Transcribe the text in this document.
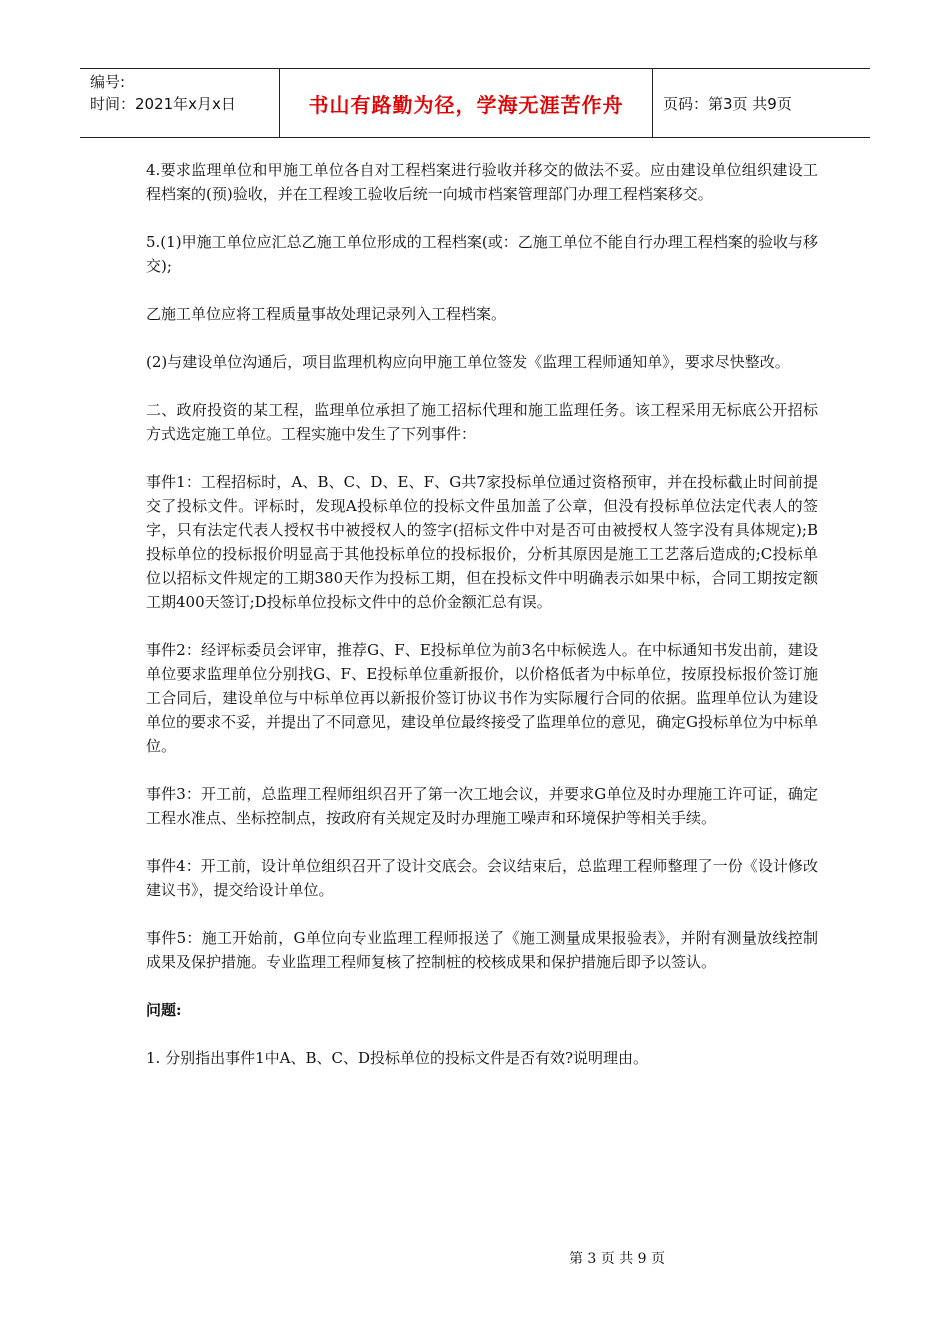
编号:
时间：2021年x月x日	书山有路勤为径，学海无涯苦作舟	页码：第3页 共9页

4.要求监理单位和甲施工单位各自对工程档案进行验收并移交的做法不妥。应由建设单位组织建设工程档案的(预)验收，并在工程竣工验收后统一向城市档案管理部门办理工程档案移交。

5.(1)甲施工单位应汇总乙施工单位形成的工程档案(或：乙施工单位不能自行办理工程档案的验收与移交);

乙施工单位应将工程质量事故处理记录列入工程档案。

(2)与建设单位沟通后，项目监理机构应向甲施工单位签发《监理工程师通知单》，要求尽快整改。

二、政府投资的某工程，监理单位承担了施工招标代理和施工监理任务。该工程采用无标底公开招标方式选定施工单位。工程实施中发生了下列事件：

事件1：工程招标时，A、B、C、D、E、F、G共7家投标单位通过资格预审，并在投标截止时间前提交了投标文件。评标时，发现A投标单位的投标文件虽加盖了公章，但没有投标单位法定代表人的签字，只有法定代表人授权书中被授权人的签字(招标文件中对是否可由被授权人签字没有具体规定);B投标单位的投标报价明显高于其他投标单位的投标报价，分析其原因是施工工艺落后造成的;C投标单位以招标文件规定的工期380天作为投标工期，但在投标文件中明确表示如果中标，合同工期按定额工期400天签订;D投标单位投标文件中的总价金额汇总有误。

事件2：经评标委员会评审，推荐G、F、E投标单位为前3名中标候选人。在中标通知书发出前，建设单位要求监理单位分别找G、F、E投标单位重新报价，以价格低者为中标单位，按原投标报价签订施工合同后，建设单位与中标单位再以新报价签订协议书作为实际履行合同的依据。监理单位认为建设单位的要求不妥，并提出了不同意见，建设单位最终接受了监理单位的意见，确定G投标单位为中标单位。

事件3：开工前，总监理工程师组织召开了第一次工地会议，并要求G单位及时办理施工许可证，确定工程水准点、坐标控制点，按政府有关规定及时办理施工噪声和环境保护等相关手续。

事件4：开工前，设计单位组织召开了设计交底会。会议结束后，总监理工程师整理了一份《设计修改建议书》，提交给设计单位。

事件5：施工开始前，G单位向专业监理工程师报送了《施工测量成果报验表》，并附有测量放线控制成果及保护措施。专业监理工程师复核了控制桩的校核成果和保护措施后即予以签认。

问题:

1. 分别指出事件1中A、B、C、D投标单位的投标文件是否有效?说明理由。

第 3 页 共 9 页
